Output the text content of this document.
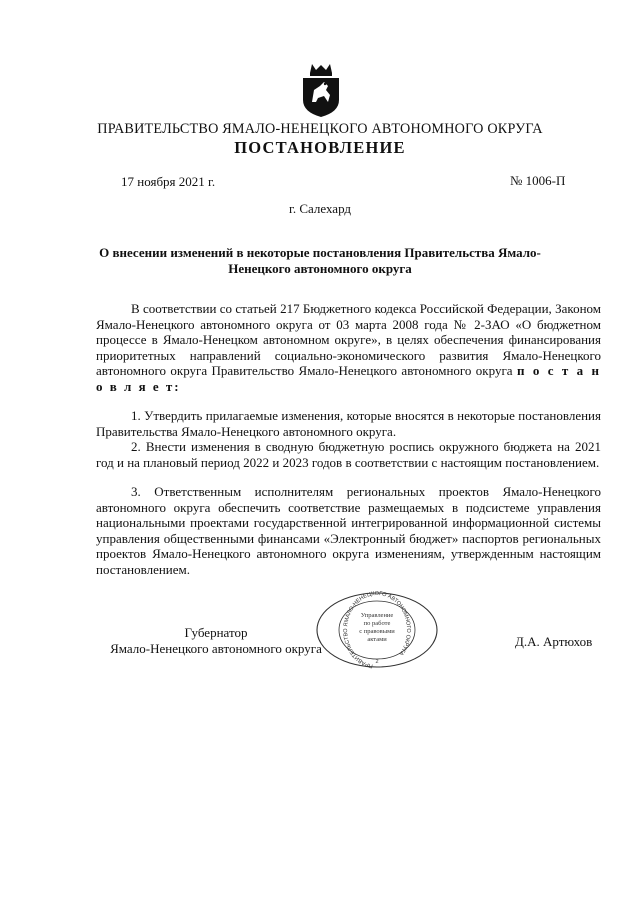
ПРАВИТЕЛЬСТВО ЯМАЛО-НЕНЕЦКОГО АВТОНОМНОГО ОКРУГА
ПОСТАНОВЛЕНИЕ
17 ноября 2021 г.	№ 1006-П
г. Салехард
О внесении изменений в некоторые постановления Правительства Ямало-Ненецкого автономного округа
В соответствии со статьей 217 Бюджетного кодекса Российской Федерации, Законом Ямало-Ненецкого автономного округа от 03 марта 2008 года № 2-ЗАО «О бюджетном процессе в Ямало-Ненецком автономном округе», в целях обеспечения финансирования приоритетных направлений социально-экономического развития Ямало-Ненецкого автономного округа Правительство Ямало-Ненецкого автономного округа п о с т а н о в л я е т:
1. Утвердить прилагаемые изменения, которые вносятся в некоторые постановления Правительства Ямало-Ненецкого автономного округа.
2. Внести изменения в сводную бюджетную роспись окружного бюджета на 2021 год и на плановый период 2022 и 2023 годов в соответствии с настоящим постановлением.
3. Ответственным исполнителям региональных проектов Ямало-Ненецкого автономного округа обеспечить соответствие размещаемых в подсистеме управления национальными проектами государственной интегрированной информационной системы управления общественными финансами «Электронный бюджет» паспортов региональных проектов Ямало-Ненецкого автономного округа изменениям, утвержденным настоящим постановлением.
Губернатор
Ямало-Ненецкого автономного округа	Д.А. Артюхов
ПРАВИТЕЛЬСТВО ЯМАЛО-НЕНЕЦКОГО АВТОНОМНОГО ОКРУГА
Управление
по работе
с правовыми
актами
2
